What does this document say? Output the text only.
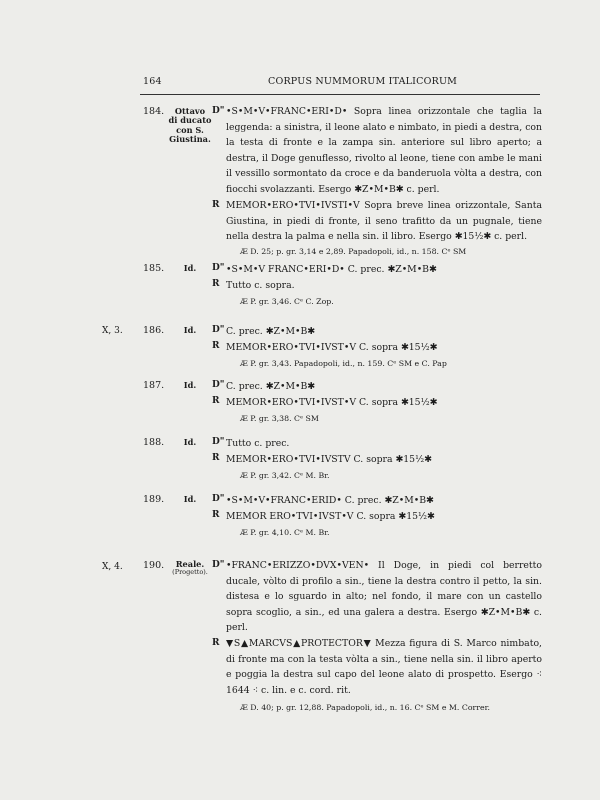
164	CORPUS NUMMORUM ITALICORUM
184.	Ottavo
di ducato
con S. Giustina.
D" •S•M•V•FRANC•ERI•D• Sopra linea orizzontale che taglia la leggenda: a sinistra, il leone alato e nimbato, in piedi a destra, con la testa di fronte e la zampa sin. anteriore sul libro aperto; a destra, il Doge genuflesso, rivolto al leone, tiene con ambe le mani il vessillo sormontato da croce e da banderuola vòlta a destra, con fiocchi svolazzanti. Esergo ✱Z•M•B✱ c. perl.
R MEMOR•ERO•TVI•IVSTI•V Sopra breve linea orizzontale, Santa Giustina, in piedi di fronte, il seno trafitto da un pugnale, tiene nella destra la palma e nella sin. il libro. Esergo ✱15½✱ c. perl.
Æ D. 25; p. gr. 3,14 e 2,89. Papadopoli, id., n. 158. Cᵉ SM
185.	Id.	D" •S•M•V FRANC•ERI•D• C. prec. ✱Z•M•B✱
R Tutto c. sopra.
Æ P. gr. 3,46. Cᵉ C. Zop.
X, 3. 186.	Id.	D" C. prec. ✱Z•M•B✱
R MEMOR•ERO•TVI•IVST•V C. sopra ✱15½✱
Æ P. gr. 3,43. Papadopoli, id., n. 159. Cᵉ SM e C. Pap
187.	Id.	D" C. prec. ✱Z•M•B✱
R MEMOR•ERO•TVI•IVST•V C. sopra ✱15½✱
Æ P. gr. 3,38. Cᵉ SM
188.	Id.	D" Tutto c. prec.
R MEMOR•ERO•TVI•IVSTV C. sopra ✱15½✱
Æ P. gr. 3,42. Cᵉ M. Br.
189.	Id.	D" •S•M•V•FRANC•ERID• C. prec. ✱Z•M•B✱
R MEMOR ERO•TVI•IVST•V C. sopra ✱15½✱
Æ P. gr. 4,10. Cᵉ M. Br.
X, 4. 190.	Reale.
(Progetto).
D" •FRANC•ERIZZO•DVX•VEN• Il Doge, in piedi col berretto ducale, vòlto di profilo a sin., tiene la destra contro il petto, la sin. distesa e lo sguardo in alto; nel fondo, il mare con un castello sopra scoglio, a sin., ed una galera a destra. Esergo ✱Z•M•B✱ c. perl.
R ▼S▲MARCVS▲PROTECTOR▼ Mezza figura di S. Marco nimbato, di fronte ma con la testa vòlta a sin., tiene nella sin. il libro aperto e poggia la destra sul capo del leone alato di prospetto. Esergo ⁖ 1644 ⁖ c. lin. e c. cord. rit.
Æ D. 40; p. gr. 12,88. Papadopoli, id., n. 16. Cᵉ SM e M. Correr.
